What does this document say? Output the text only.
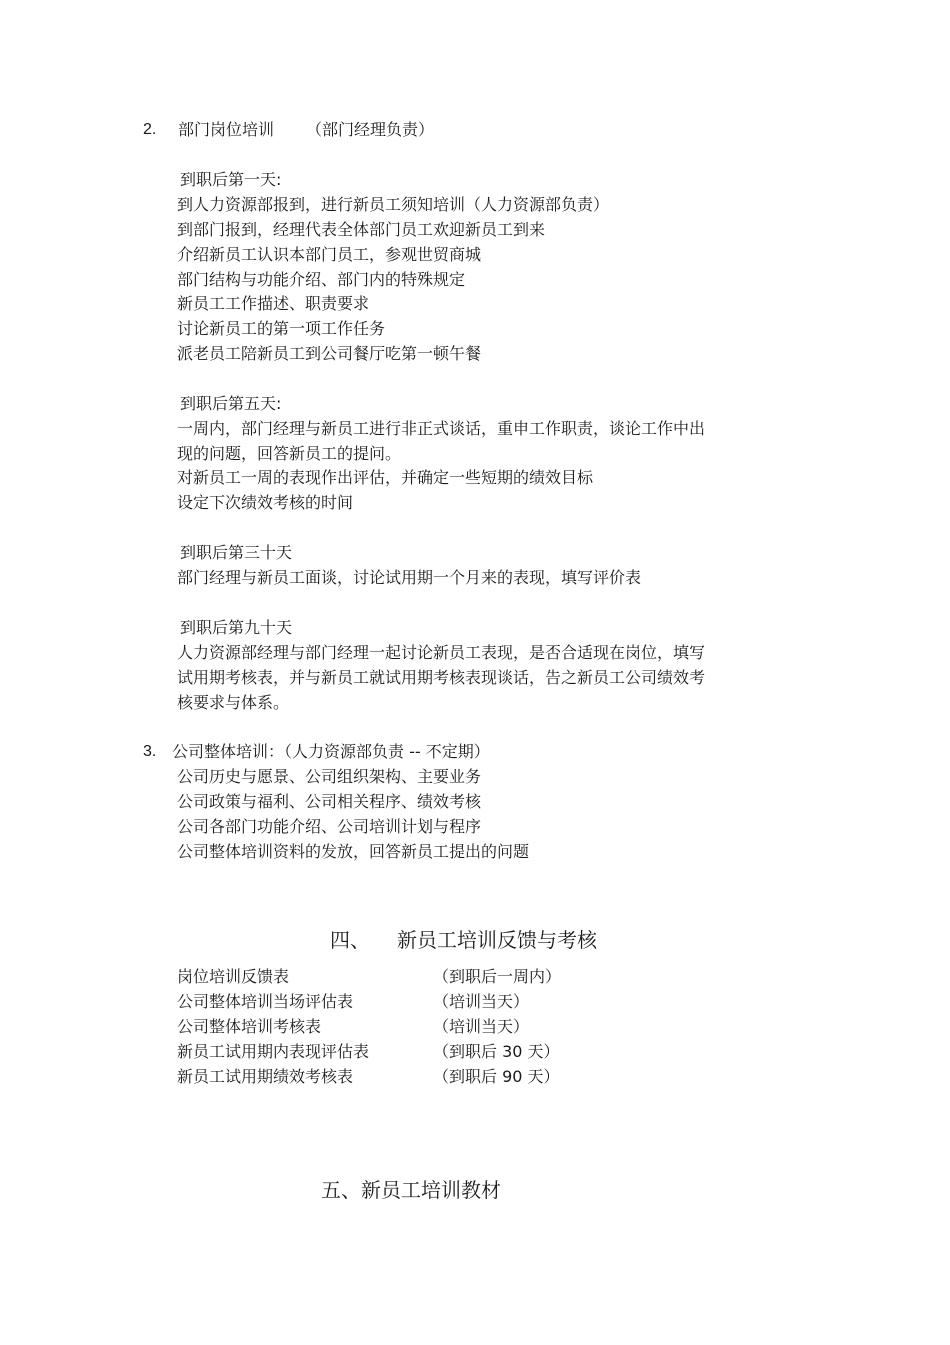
2. 部门岗位培训 （部门经理负责）
到职后第一天:
到人力资源部报到，进行新员工须知培训（人力资源部负责）
到部门报到，经理代表全体部门员工欢迎新员工到来
介绍新员工认识本部门员工，参观世贸商城
部门结构与功能介绍、部门内的特殊规定
新员工工作描述、职责要求
讨论新员工的第一项工作任务
派老员工陪新员工到公司餐厅吃第一顿午餐
到职后第五天:
一周内，部门经理与新员工进行非正式谈话，重申工作职责，谈论工作中出
现的问题，回答新员工的提问。
对新员工一周的表现作出评估，并确定一些短期的绩效目标
设定下次绩效考核的时间
到职后第三十天
部门经理与新员工面谈，讨论试用期一个月来的表现，填写评价表
到职后第九十天
人力资源部经理与部门经理一起讨论新员工表现，是否合适现在岗位，填写
试用期考核表，并与新员工就试用期考核表现谈话，告之新员工公司绩效考
核要求与体系。
3. 公司整体培训：（人力资源部负责 -- 不定期）
公司历史与愿景、公司组织架构、主要业务
公司政策与福利、公司相关程序、绩效考核
公司各部门功能介绍、公司培训计划与程序
公司整体培训资料的发放，回答新员工提出的问题
四、 新员工培训反馈与考核
岗位培训反馈表	（到职后一周内）
公司整体培训当场评估表	（培训当天）
公司整体培训考核表	（培训当天）
新员工试用期内表现评估表	（到职后 30 天）
新员工试用期绩效考核表	（到职后 90 天）
五、新员工培训教材
